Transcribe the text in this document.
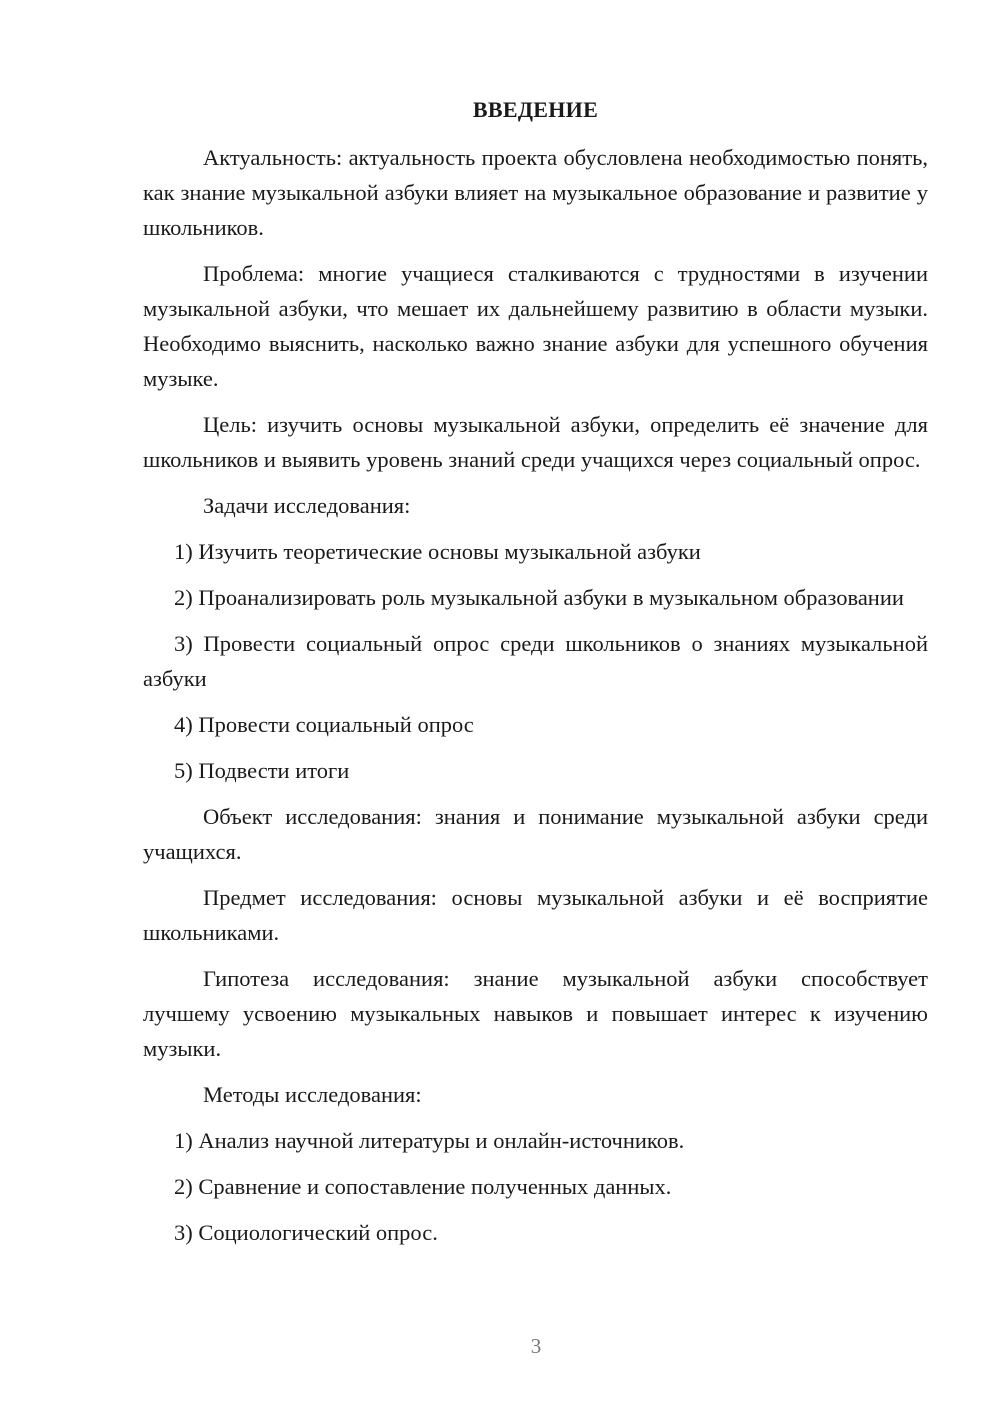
ВВЕДЕНИЕ

Актуальность: актуальность проекта обусловлена необходимостью понять, как знание музыкальной азбуки влияет на музыкальное образование и развитие у школьников.

Проблема: многие учащиеся сталкиваются с трудностями в изучении музыкальной азбуки, что мешает их дальнейшему развитию в области музыки. Необходимо выяснить, насколько важно знание азбуки для успешного обучения музыке.

Цель: изучить основы музыкальной азбуки, определить её значение для школьников и выявить уровень знаний среди учащихся через социальный опрос.

Задачи исследования:

1) Изучить теоретические основы музыкальной азбуки

2) Проанализировать роль музыкальной азбуки в музыкальном образовании

3) Провести социальный опрос среди школьников о знаниях музыкальной азбуки

4) Провести социальный опрос

5) Подвести итоги

Объект исследования: знания и понимание музыкальной азбуки среди учащихся.

Предмет исследования: основы музыкальной азбуки и её восприятие школьниками.

Гипотеза исследования: знание музыкальной азбуки способствует лучшему усвоению музыкальных навыков и повышает интерес к изучению музыки.

Методы исследования:

1) Анализ научной литературы и онлайн-источников.

2) Сравнение и сопоставление полученных данных.

3) Социологический опрос.

3
